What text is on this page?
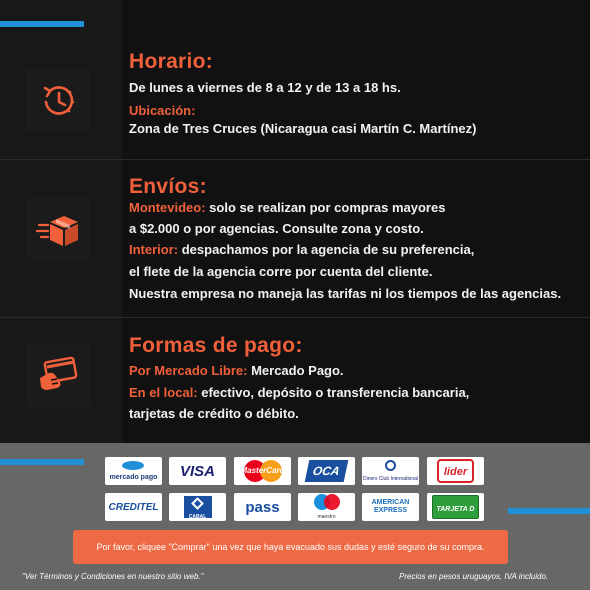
Horario:
De lunes a viernes de 8 a 12 y de 13 a 18 hs.
Ubicación:
Zona de Tres Cruces (Nicaragua casi Martín C. Martínez)
Envíos:
Montevideo: solo se realizan por compras mayores
a $2.000 o por agencias. Consulte zona y costo.
Interior: despachamos por la agencia de su preferencia,
el flete de la agencia corre por cuenta del cliente.
Nuestra empresa no maneja las tarifas ni los tiempos de las agencias.
Formas de pago:
Por Mercado Libre: Mercado Pago.
En el local: efectivo, depósito o transferencia bancaria,
tarjetas de crédito o débito.
mercado pago VISA	MasterCard	OCA
Diners Club International
lider
CREDITEL
CABAL
pass
maestro
AMERICAN EXPRESS	TARJETA D
Por favor, cliquee "Comprar" una vez que haya evacuado sus dudas y esté seguro de su compra.
"Ver Términos y Condiciones en nuestro sitio web."	Precios en pesos uruguayos, IVA incluido.
